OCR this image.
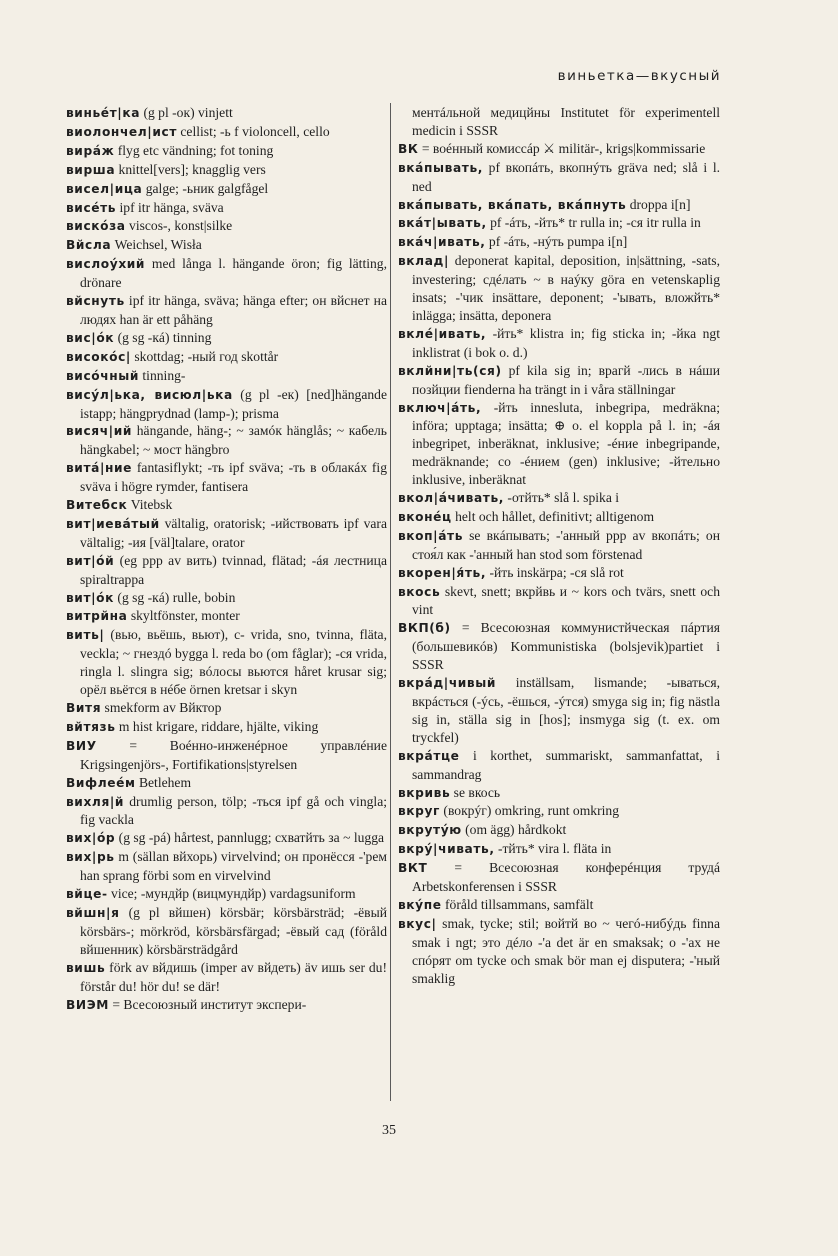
виньетка—вкусный

виньéт|ка (g pl -ок) vinjett

виолончел|ист cellist; -ь f violoncell, cello

вирáж flyg etc vändning; fot toning

вирша knittel[vers]; knagglig vers

висел|ица galge; -ьник galgfågel

висéть ipf itr hänga, sväva

вискóза viscos-, konst|silke

Вйсла Weichsel, Wisła

вислоýхий med långa l. hängande öron; fig lätting, drönare

вйснуть ipf itr hänga, sväva; hänga efter; он вйснет на людях han är ett påhäng

вис|óк (g sg -кá) tinning

високóс| skottdag; -ный год skottår

висóчный tinning-

висýл|ька, висюл|ька (g pl -ек) [ned]hängande istapp; hängprydnad (lamp-); prisma

висяч|ий hängande, häng-; ~ замóк hänglås; ~ кабель hängkabel; ~ мост hängbro

витá|ние fantasiflykt; -ть ipf sväva; -ть в облакáх fig sväva i högre rymder, fantisera

Витебск Vitebsk

вит|иевáтый vältalig, oratorisk; -ийствовать ipf vara vältalig; -ия [väl]talare, orator

вит|óй (eg ppp av вить) tvinnad, flätad; -áя лестница spiraltrappa

вит|óк (g sg -кá) rulle, bobin

витрйна skyltfönster, monter

вить| (вью, вьёшь, вьют), с- vrida, sno, tvinna, fläta, veckla; ~ гнездó bygga l. reda bo (om fåglar); -ся vrida, ringla l. slingra sig; вóлосы вьются håret krusar sig; орёл вьётся в нéбе örnen kretsar i skyn

Витя smekform av Вйктор

вйтязь m hist krigare, riddare, hjälte, viking

ВИУ = Воéнно-инженéрное управлéние Krigsingenjörs-, Fortifikations|styrelsen

Вифлеéм Betlehem

вихля|й drumlig person, tölp; -ться ipf gå och vingla; fig vackla

вих|óр (g sg -рá) hårtest, pannlugg; схватйть за ~ lugga

вих|рь m (sällan вйхорь) virvelvind; он пронёсся -'рем han sprang förbi som en virvelvind

вйце- vice; -мундйр (вицмундйр) vardagsuniform

вйшн|я (g pl вйшен) körsbär; körsbärsträd; -ёвый körsbärs-; mörkröd, körsbärsfärgad; -ёвый сад (föråld вйшенник) körsbärsträdgård

вишь förk av вйдишь (imper av вйдеть) äv ишь ser du! förstår du! hör du! se där!

ВИЭМ = Всесоюзный институт экспери-

ментáльной медицйны Institutet för experimentell medicin i SSSR

ВК = воéнный комиссáр ⚔ militär-, krigs|kommissarie

вкáпывать, pf вкопáть, вкопнýть gräva ned; slå i l. ned

вкáпывать, вкáпать, вкáпнуть droppa i[n]

вкáт|ывать, pf -áть, -йть* tr rulla in; -ся itr rulla in

вкáч|ивать, pf -áть, -нýть pumpa i[n]

вклад| deponerat kapital, deposition, in|sättning, -sats, investering; сдéлать ~ в наýку göra en vetenskaplig insats; -'чик insättare, deponent; -'ывать, вложйть* inlägga; insätta, deponera

вклé|ивать, -йть* klistra in; fig sticka in; -йка ngt inklistrat (i bok o. d.)

вклйни|ть(ся) pf kila sig in; врагй -лись в нáши позйции fienderna ha trängt in i våra ställningar

включ|áть, -йть innesluta, inbegripa, medräkna; införa; upptaga; insätta; ⊕ o. el koppla på l. in; -áя inbegripet, inberäknat, inklusive; -éние inbegripande, medräknande; со -éнием (gen) inklusive; -йтельно inklusive, inberäknat

вкол|áчивать, -отйть* slå l. spika i

вконéц helt och hållet, definitivt; alltigenom

вкоп|áть se вкáпывать; -'анный ppp av вкопáть; он стоя́л как -'анный han stod som förstenad

вкорен|я́ть, -йть inskärpa; -ся slå rot

вкось skevt, snett; вкрйвь и ~ kors och tvärs, snett och vint

ВКП(б) = Всесоюзная коммунистйческая пáртия (большевикóв) Kommunistiska (bolsjevik)partiet i SSSR

вкрáд|чивый inställsam, lismande; -ываться, вкрáсться (-ýсь, -ёшься, -ýтся) smyga sig in; fig nästla sig in, ställa sig in [hos]; insmyga sig (t. ex. om tryckfel)

вкрáтце i korthet, summariskt, sammanfattat, i sammandrag

вкривь se вкось

вкруг (вокрýг) omkring, runt omkring

вкрутýю (om ägg) hårdkokt

вкрý|чивать, -тйть* vira l. fläta in

ВКТ = Всесоюзная конферéнция трудá Arbetskonferensen i SSSR

вкýпе föråld tillsammans, samfält

вкус| smak, tycke; stil; войтй во ~ чегó-нибýдь finna smak i ngt; это дéло -'а det är en smaksak; о -'ах не спóрят om tycke och smak bör man ej disputera; -'ный smaklig

35
